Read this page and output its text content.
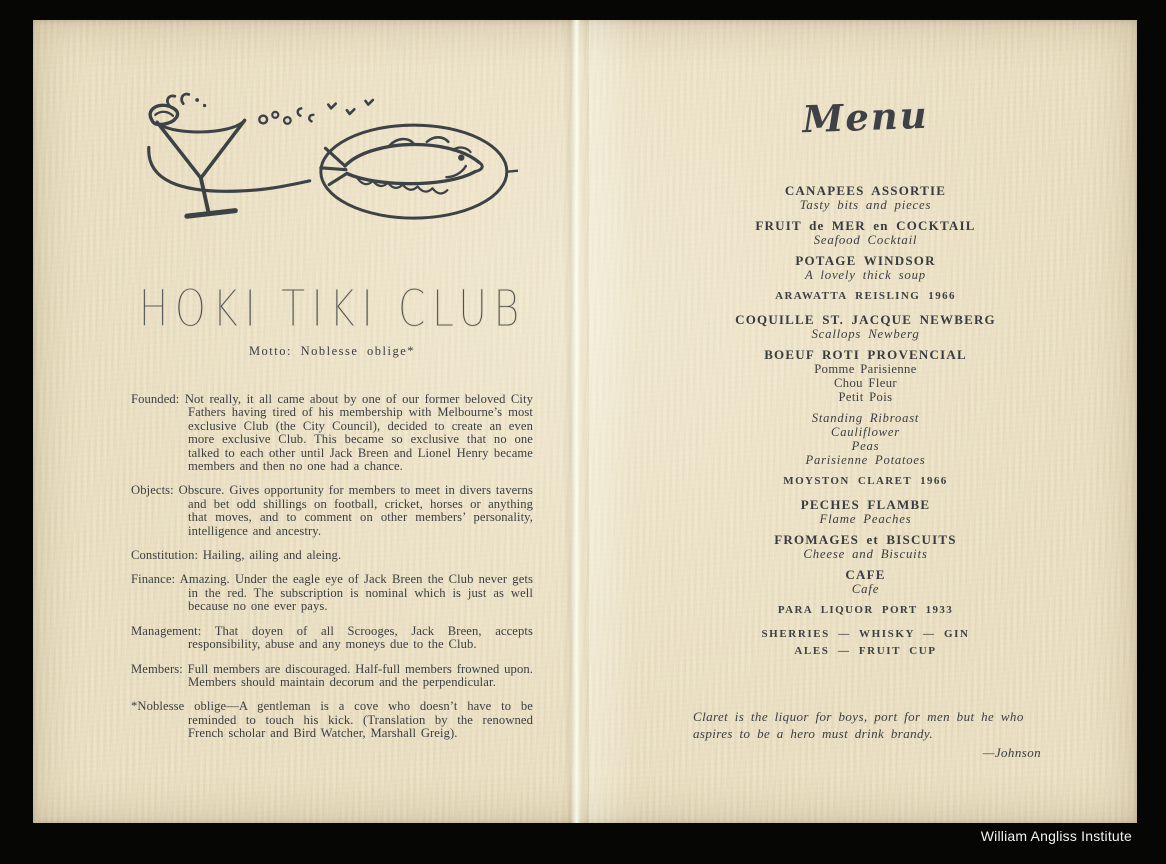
HOKI TIKI CLUB
Motto: Noblesse oblige*

Founded: Not really, it all came about by one of our former beloved City Fathers having tired of his membership with Melbourne’s most exclusive Club (the City Council), decided to create an even more exclusive Club. This became so exclusive that no one talked to each other until Jack Breen and Lionel Henry became members and then no one had a chance.

Objects: Obscure. Gives opportunity for members to meet in divers taverns and bet odd shillings on football, cricket, horses or anything that moves, and to comment on other members’ personality, intelligence and ancestry.

Constitution: Hailing, ailing and aleing.

Finance: Amazing. Under the eagle eye of Jack Breen the Club never gets in the red. The subscription is nominal which is just as well because no one ever pays.

Management: That doyen of all Scrooges, Jack Breen, accepts responsibility, abuse and any moneys due to the Club.

Members: Full members are discouraged. Half-full members frowned upon. Members should maintain decorum and the perpendicular.

*Noblesse oblige—A gentleman is a cove who doesn’t have to be reminded to touch his kick. (Translation by the renowned French scholar and Bird Watcher, Marshall Greig).

Menu
CANAPEES ASSORTIE
Tasty bits and pieces
FRUIT de MER en COCKTAIL
Seafood Cocktail
POTAGE WINDSOR
A lovely thick soup
ARAWATTA REISLING 1966
COQUILLE ST. JACQUE NEWBERG
Scallops Newberg
BOEUF ROTI PROVENCIAL
Pomme Parisienne
Chou Fleur
Petit Pois
Standing Ribroast
Cauliflower
Peas
Parisienne Potatoes
MOYSTON CLARET 1966
PECHES FLAMBE
Flame Peaches
FROMAGES et BISCUITS
Cheese and Biscuits
CAFE
Cafe
PARA LIQUOR PORT 1933
SHERRIES — WHISKY — GIN
ALES — FRUIT CUP
Claret is the liquor for boys, port for men but he who aspires to be a hero must drink brandy.
—Johnson
William Angliss Institute
